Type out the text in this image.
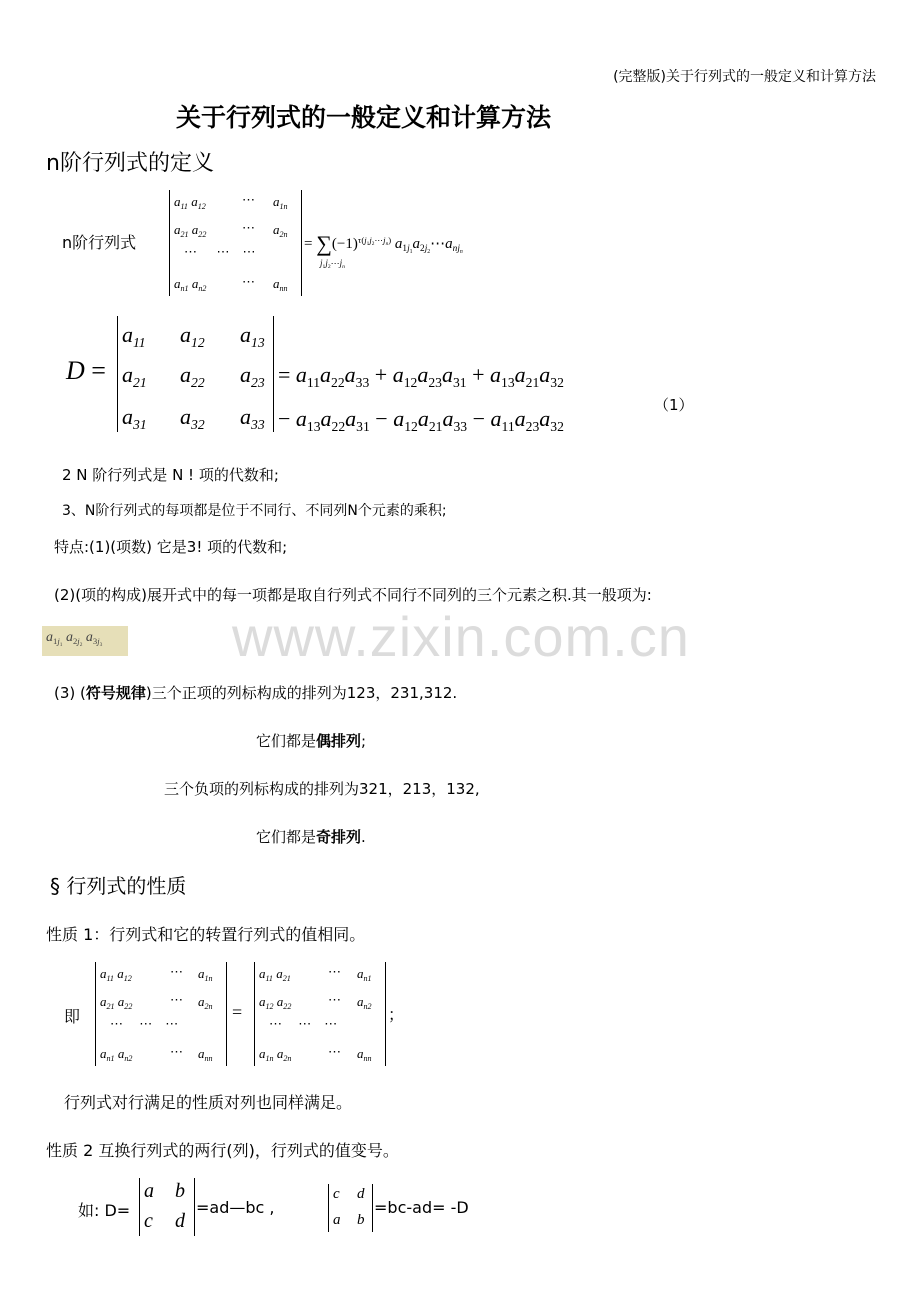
(完整版)关于行列式的一般定义和计算方法
www.zixin.com.cn
关于行列式的一般定义和计算方法
n阶行列式的定义
n阶行列式
$a_{11}$ $a_{12}$	⋯ $a_{1n}$
$a_{21}$ $a_{22}$	⋯ $a_{2n}$
⋯      ⋯    ⋯
$a_{n1}$ $a_{n2}$	⋯ $a_{nn}$
= $\sum(-1)^{\tau(j_1j_2\cdots j_n)}$ $a_{1j_1}a_{2j_2}\cdots a_{nj_n}$
$j_1j_2\cdots j_n$
D =
$a_{11}$ $a_{12}$ $a_{13}$
$a_{21}$ $a_{22}$ $a_{23}$
$a_{31}$ $a_{32}$ $a_{33}$
= $a_{11}a_{22}a_{33} + a_{12}a_{23}a_{31} + a_{13}a_{21}a_{32}$
− $a_{13}a_{22}a_{31} - a_{12}a_{21}a_{33} - a_{11}a_{23}a_{32}$
（1）
2 N 阶行列式是 N ! 项的代数和;
3、N阶行列式的每项都是位于不同行、不同列N个元素的乘积;
特点:(1)(项数) 它是3! 项的代数和;
(2)(项的构成)展开式中的每一项都是取自行列式不同行不同列的三个元素之积.其一般项为:
$a_{1j_1}$ $a_{2j_2}$ $a_{3j_3}$
(3) (符号规律)三个正项的列标构成的排列为123，231,312.
它们都是偶排列;
三个负项的列标构成的排列为321，213，132,
它们都是奇排列.
§ 行列式的性质
性质 1：行列式和它的转置行列式的值相同。
即
$a_{11}$ $a_{12}$	⋯ $a_{1n}$
$a_{21}$ $a_{22}$	⋯ $a_{2n}$
⋯     ⋯    ⋯
$a_{n1}$ $a_{n2}$	⋯ $a_{nn}$
=
$a_{11}$ $a_{21}$	⋯ $a_{n1}$
$a_{12}$ $a_{22}$	⋯ $a_{n2}$
⋯     ⋯    ⋯
$a_{1n}$ $a_{2n}$	⋯ $a_{nn}$
；
行列式对行满足的性质对列也同样满足。
性质 2 互换行列式的两行(列)，行列式的值变号。
如: D=
a b
c d
=ad—bc ,
c d
a b
=bc-ad= -D
